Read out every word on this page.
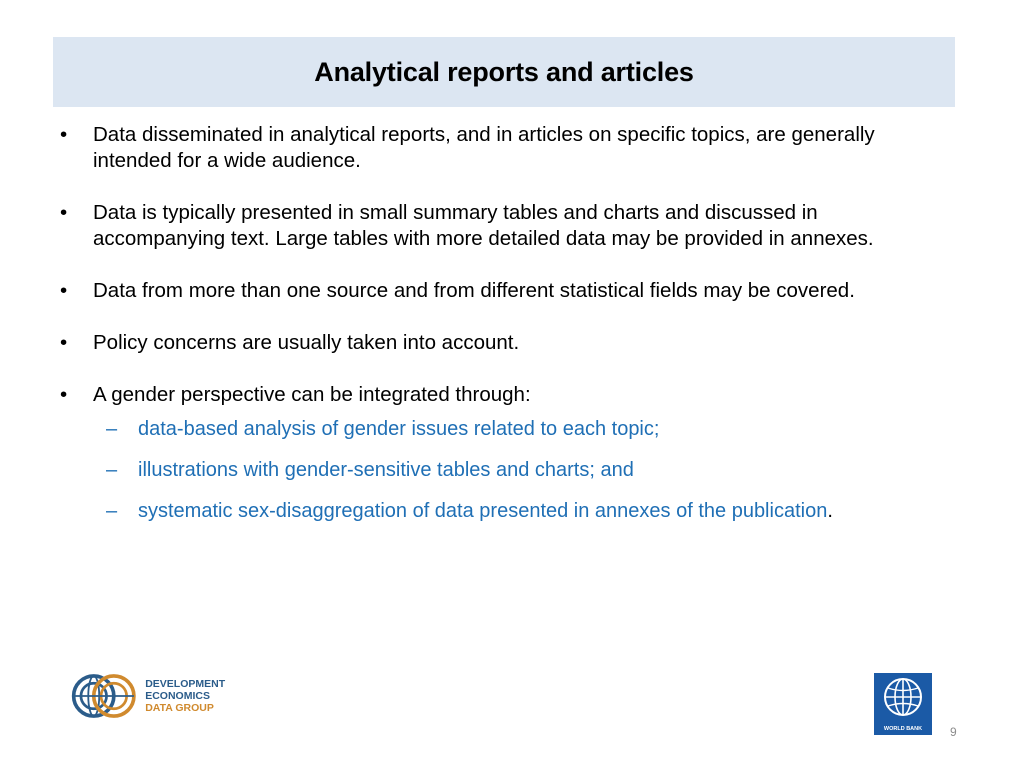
Analytical reports and articles
•	Data disseminated in analytical reports, and in articles on specific topics, are generally intended for a wide audience.
•	Data is typically presented in small summary tables and charts and discussed in accompanying text. Large tables with more detailed data may be provided in annexes.
•	Data from more than one source and from different statistical fields may be covered.
•	Policy concerns are usually taken into account.
•	A gender perspective can be integrated through:
– data-based analysis of gender issues related to each topic;
– illustrations with gender-sensitive tables and charts; and
– systematic sex-disaggregation of data presented in annexes of the publication.
DEVELOPMENT ECONOMICS
DATA GROUP
WORLD BANK	9
